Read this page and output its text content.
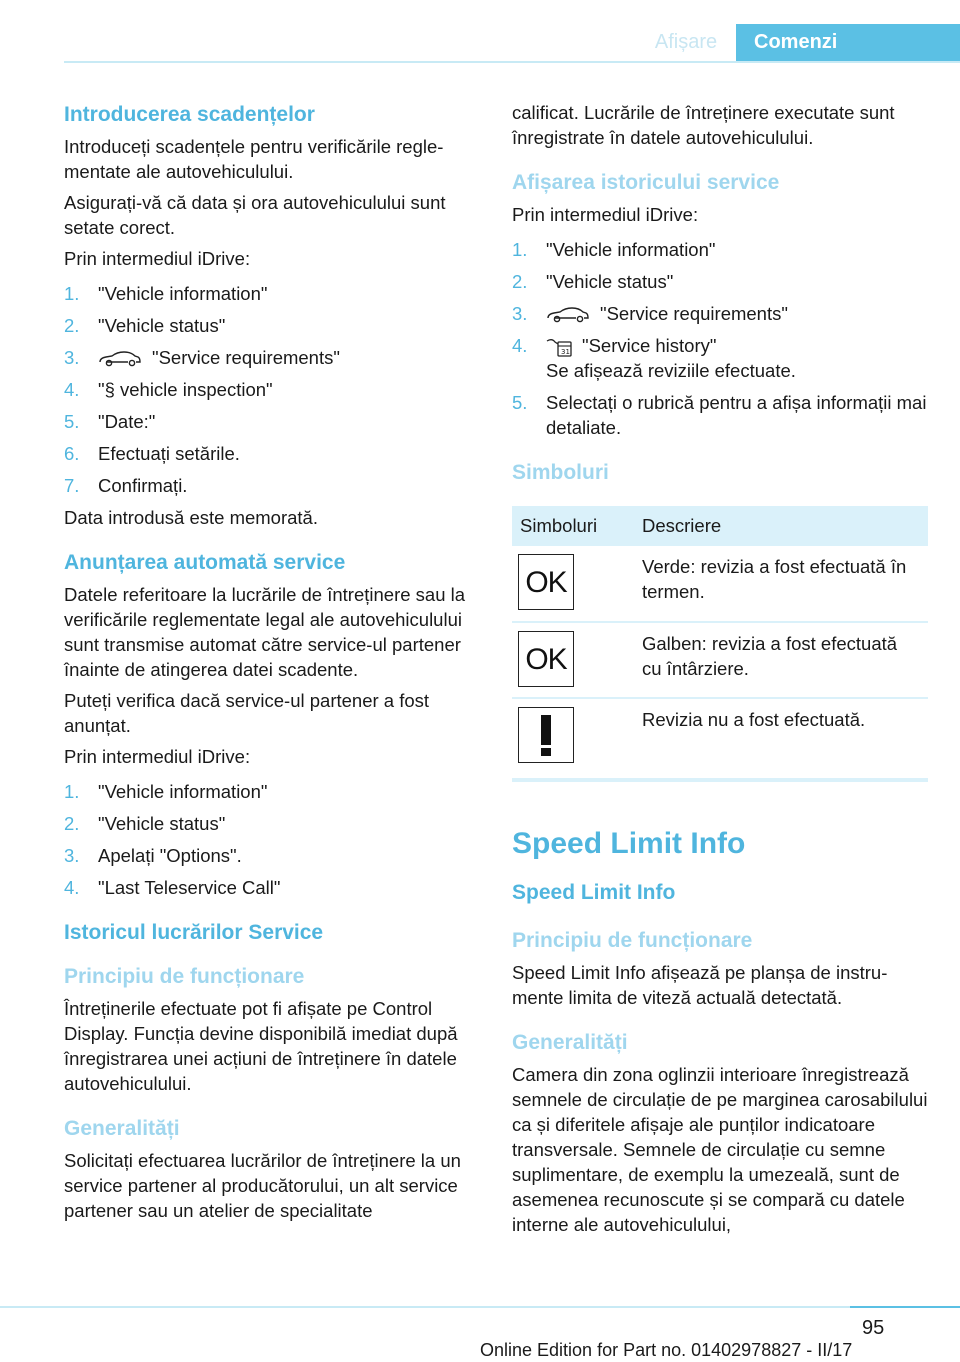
Afișare	Comenzi
Introducerea scadențelor

Introduceți scadențele pentru verificările reglementate ale autovehiculului.

Asigurați-vă că data și ora autovehiculului sunt setate corect.

Prin intermediul iDrive:

1.	"Vehicle information"
2.	"Vehicle status"
3.	"Service requirements"
4.	"§ vehicle inspection"
5.	"Date:"
6.	Efectuați setările.
7.	Confirmați.

Data introdusă este memorată.

Anunțarea automată service

Datele referitoare la lucrările de întreținere sau la verificările reglementate legal ale autovehiculului sunt transmise automat către service-ul partener înainte de atingerea datei scadente.

Puteți verifica dacă service-ul partener a fost anunțat.

Prin intermediul iDrive:

1.	"Vehicle information"
2.	"Vehicle status"
3.	Apelați "Options".
4.	"Last Teleservice Call"
Istoricul lucrărilor Service
Principiu de funcționare

Întreținerile efectuate pot fi afișate pe Control Display. Funcția devine disponibilă imediat după înregistrarea unei acțiuni de întreținere în datele autovehiculului.

Generalități

Solicitați efectuarea lucrărilor de întreținere la un service partener al producătorului, un alt service partener sau un atelier de specialitate

calificat. Lucrările de întreținere executate sunt înregistrate în datele autovehiculului.

Afișarea istoricului service

Prin intermediul iDrive:

1.	"Vehicle information"
2.	"Vehicle status"
3.	"Service requirements"
4.	31 "Service history"
Se afișează reviziile efectuate.
5.	Selectați o rubrică pentru a afișa informații mai detaliate.
Simboluri
Simboluri	Descriere

OK	Verde: revizia a fost efectuată în termen.

OK	Galben: revizia a fost efectuată cu întârziere.

	Revizia nu a fost efectuată.
Speed Limit Info
Speed Limit Info
Principiu de funcționare

Speed Limit Info afișează pe planșa de instrumente limita de viteză actuală detectată.

Generalități

Camera din zona oglinzii interioare înregistrează semnele de circulație de pe marginea carosabilului ca și diferitele afișaje ale punților indicatoare transversale. Semnele de circulație cu semne suplimentare, de exemplu la umezeală, sunt de asemenea recunoscute și se compară cu datele interne ale autovehiculului,

95
Online Edition for Part no. 01402978827 - II/17
